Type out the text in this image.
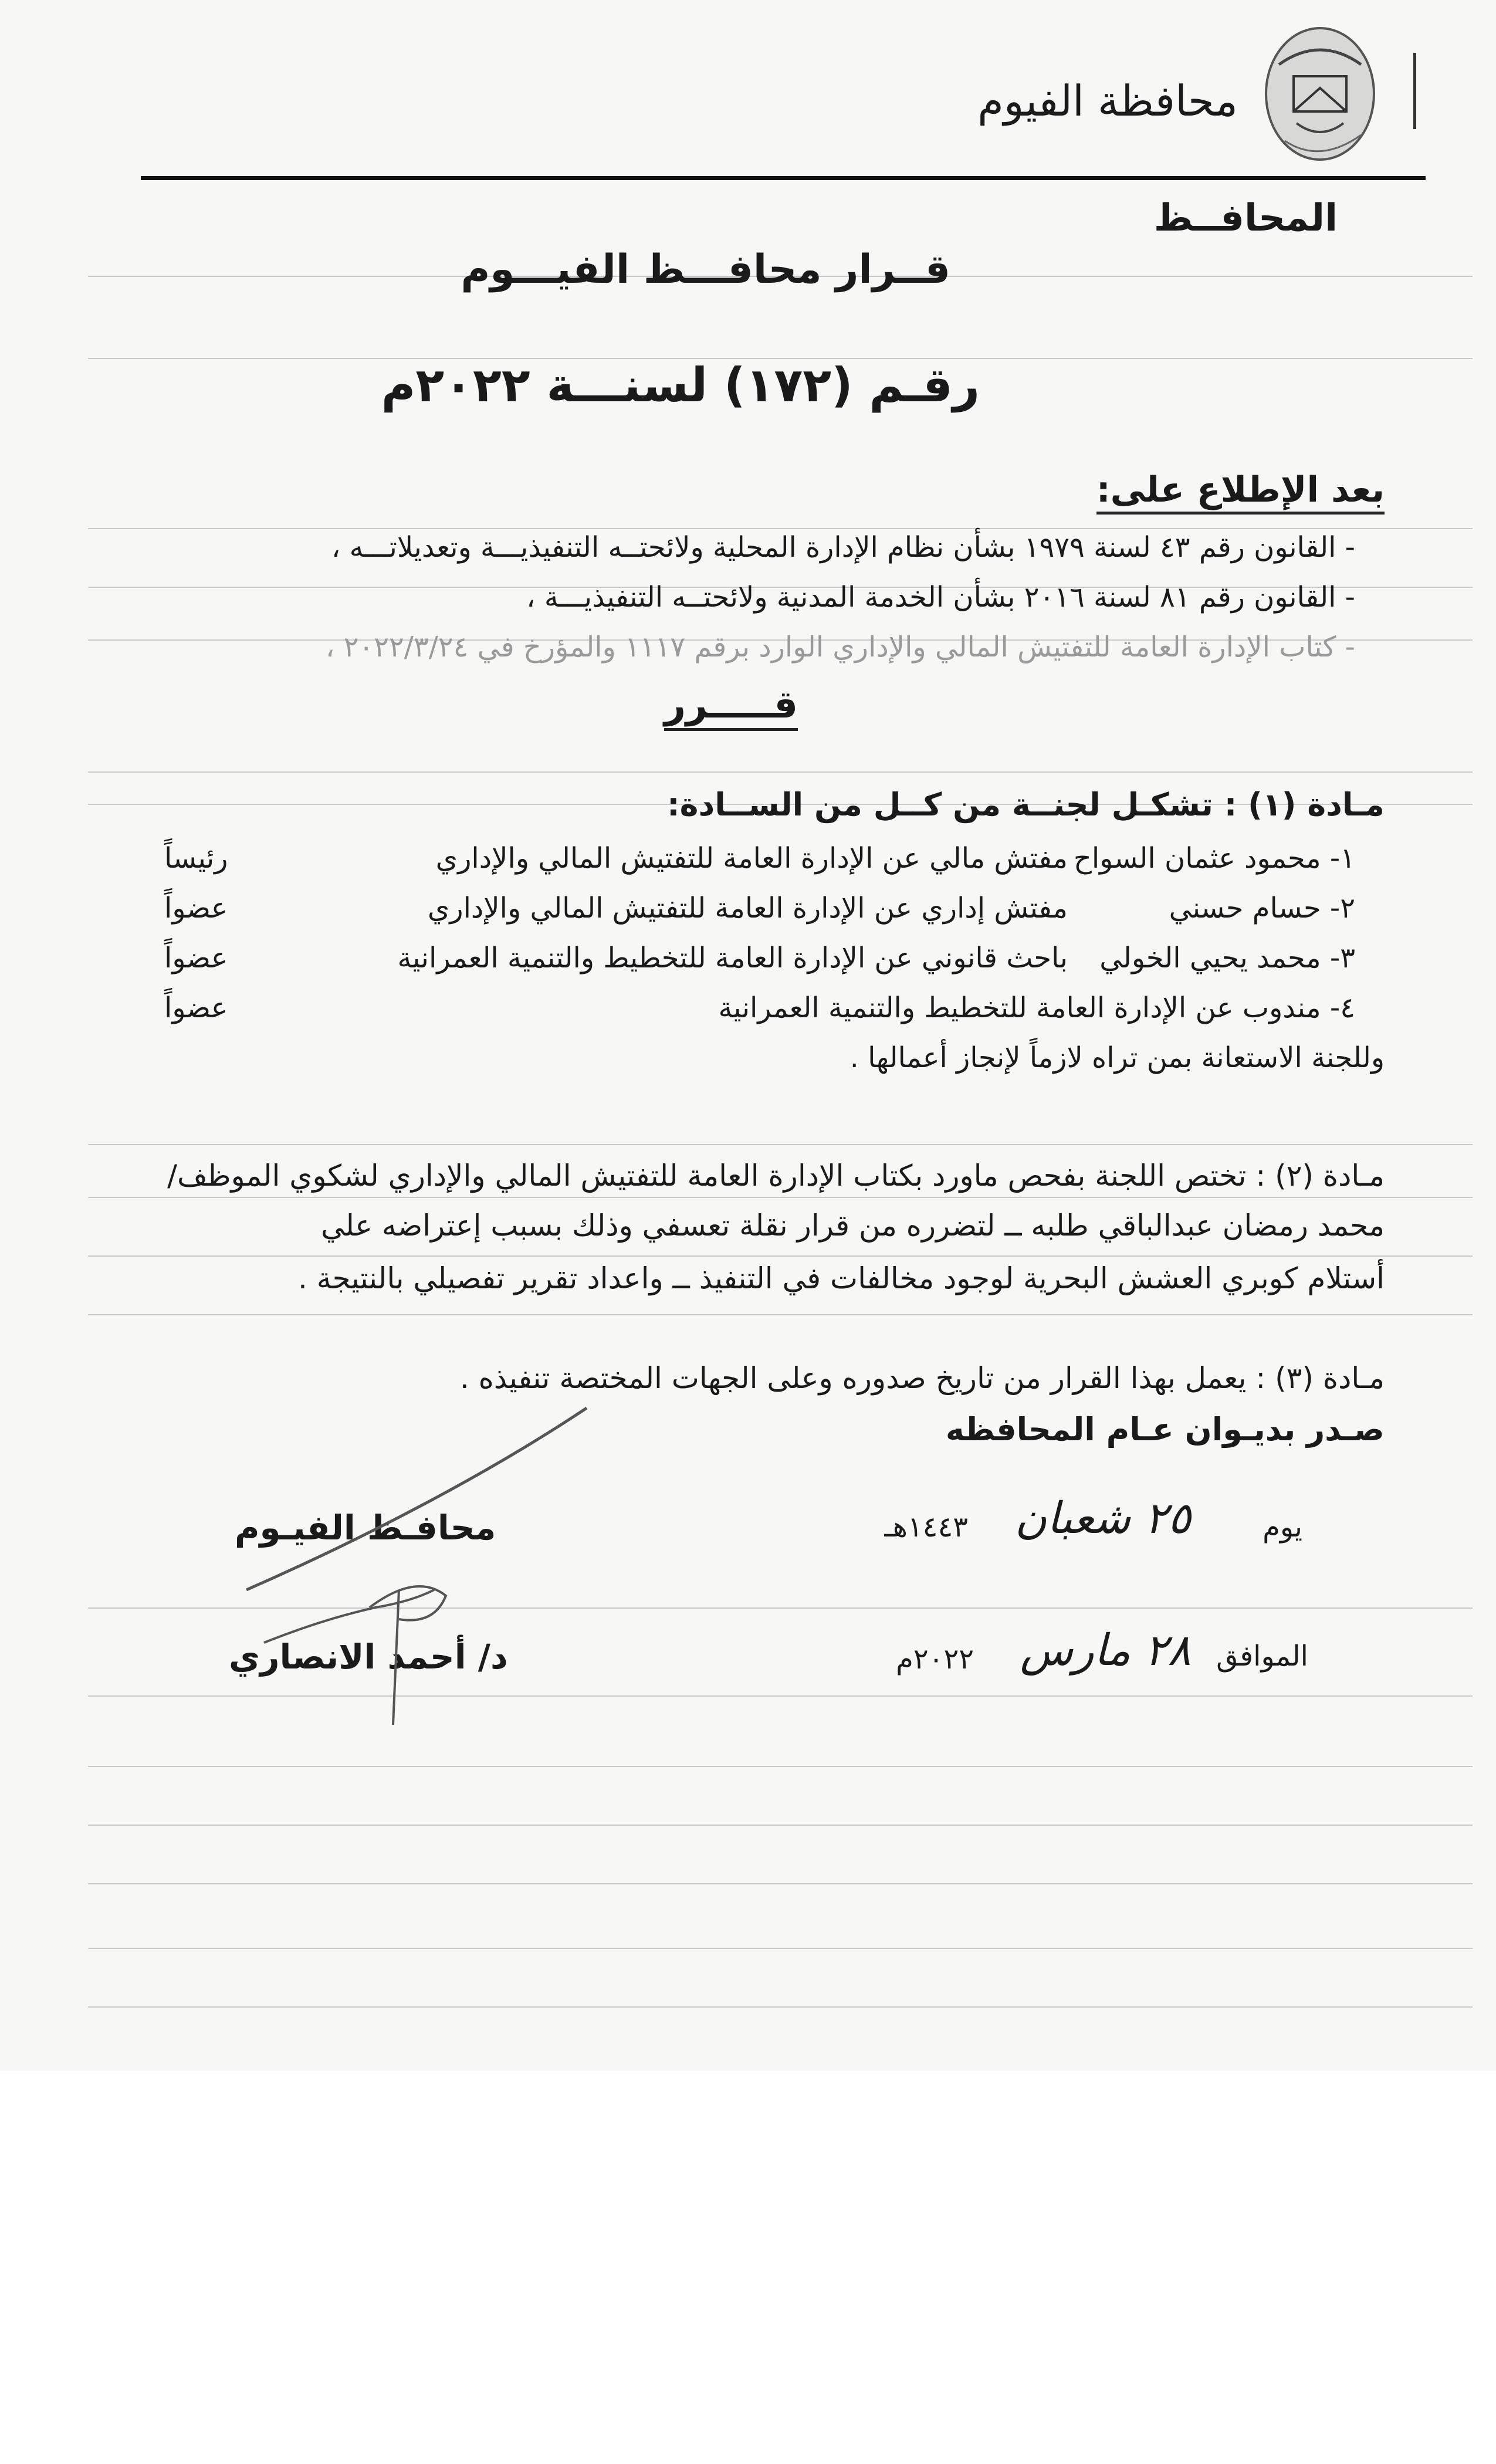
محافظة الفيوم
المحافــظ
قــرار محافـــظ الفيـــوم
رقـم (١٧٢) لسنـــة ٢٠٢٢م
بعد الإطلاع على:
- القانون رقم ٤٣ لسنة ١٩٧٩ بشأن نظام الإدارة المحلية ولائحتــه التنفيذيـــة وتعديلاتـــه ،
- القانون رقم ٨١ لسنة ٢٠١٦ بشأن الخدمة المدنية ولائحتــه التنفيذيـــة ،
- كتاب الإدارة العامة للتفتيش المالي والإداري الوارد برقم ١١١٧ والمؤرخ في ٢٠٢٢/٣/٢٤ ،
قـــــرر
مـادة (١) : تشكـل لجنــة من كــل من الســادة:
١- محمود عثمان السواح
مفتش مالي عن الإدارة العامة للتفتيش المالي والإداري
رئيساً
٢- حسام حسني
مفتش إداري عن الإدارة العامة للتفتيش المالي والإداري
عضواً
٣- محمد يحيي الخولي
باحث قانوني عن الإدارة العامة للتخطيط والتنمية العمرانية
عضواً
٤- مندوب عن الإدارة العامة للتخطيط والتنمية العمرانية
عضواً
وللجنة الاستعانة بمن تراه لازماً لإنجاز أعمالها .
مـادة (٢) : تختص اللجنة بفحص ماورد بكتاب الإدارة العامة للتفتيش المالي والإداري لشكوي الموظف/
محمد رمضان عبدالباقي طلبه ــ لتضرره من قرار نقلة تعسفي وذلك بسبب إعتراضه علي
أستلام كوبري العشش البحرية لوجود مخالفات في التنفيذ ــ واعداد تقرير تفصيلي بالنتيجة .
مـادة (٣) : يعمل بهذا القرار من تاريخ صدوره وعلى الجهات المختصة تنفيذه .
صـدر بديـوان عـام المحافظه
يوم
٢٥ شعبان
١٤٤٣هـ
الموافق
٢٨ مارس
٢٠٢٢م
محافـظ الفيـوم
د/ أحمد الانصاري
